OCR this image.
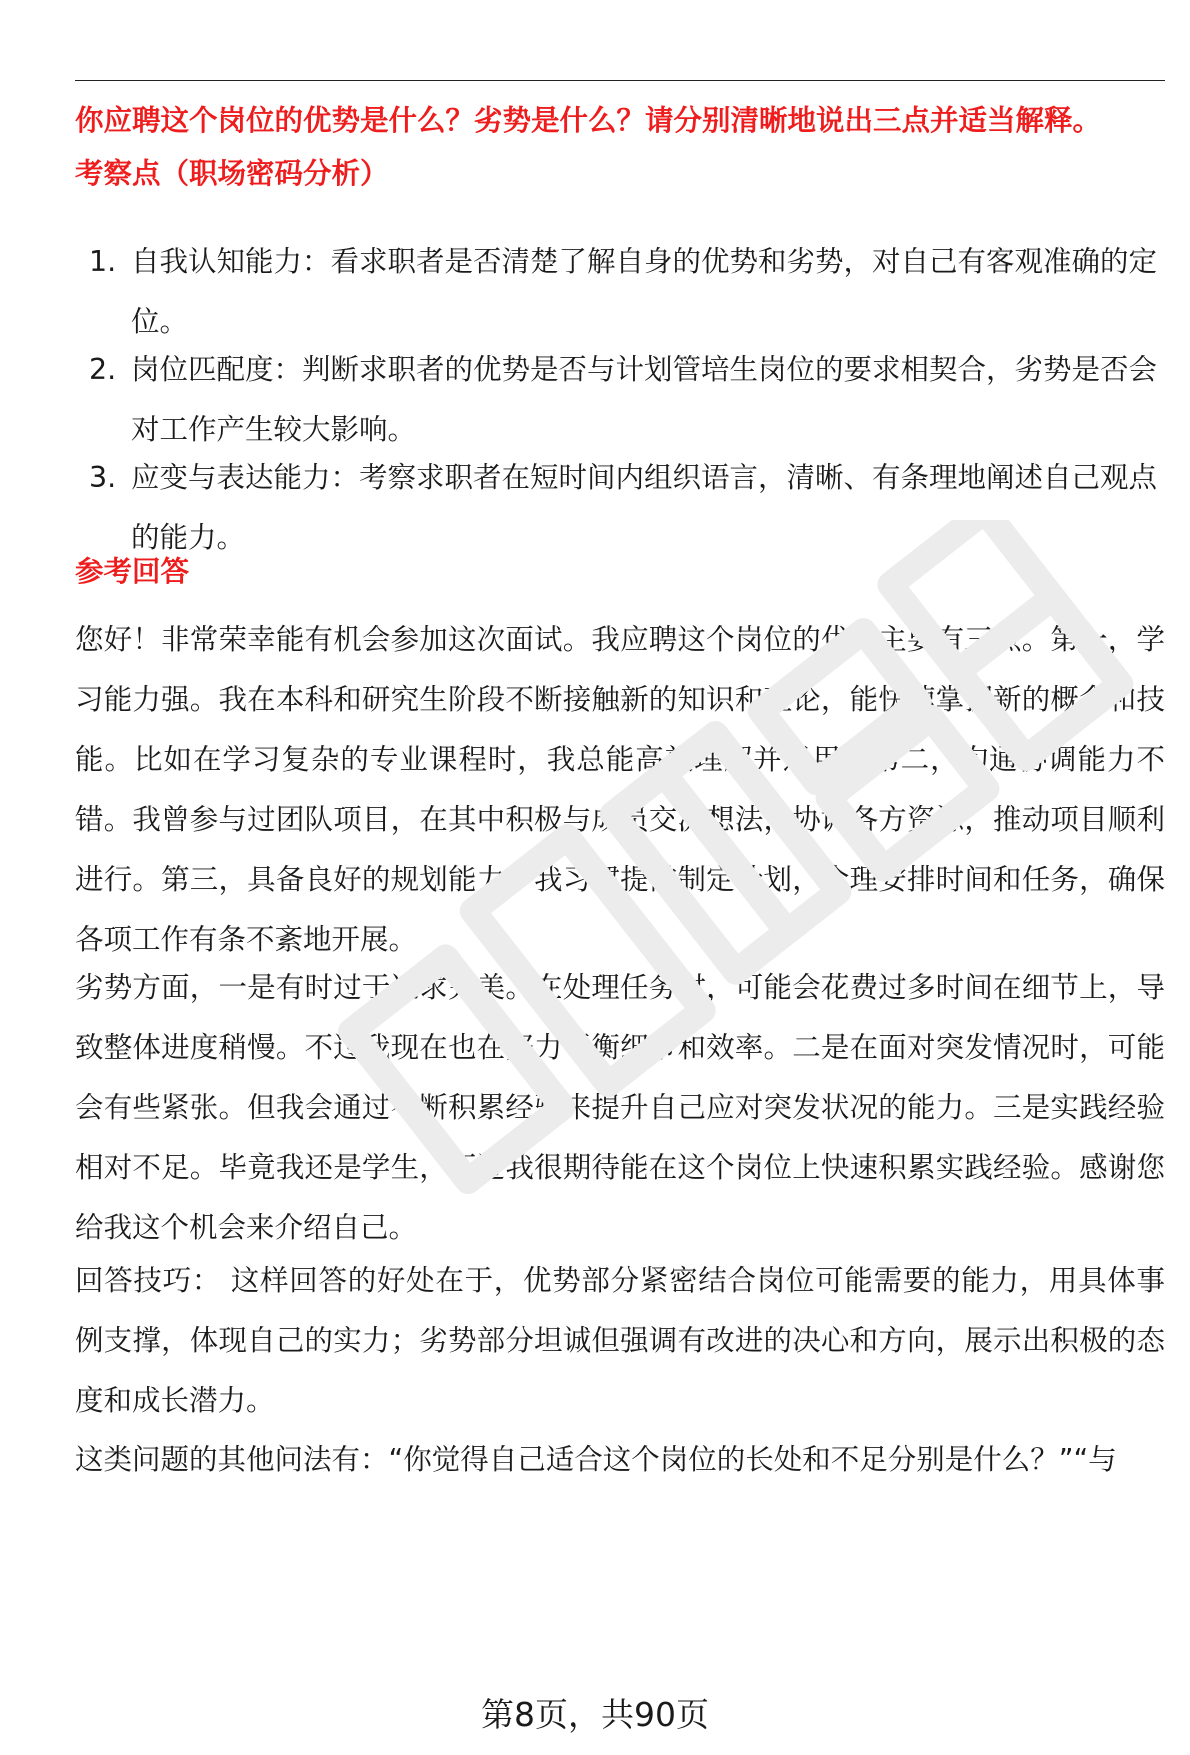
你应聘这个岗位的优势是什么？劣势是什么？请分别清晰地说出三点并适当解释。
考察点（职场密码分析）
1. 自我认知能力：看求职者是否清楚了解自身的优势和劣势，对自己有客观准确的定位。
2. 岗位匹配度：判断求职者的优势是否与计划管培生岗位的要求相契合，劣势是否会对工作产生较大影响。
3. 应变与表达能力：考察求职者在短时间内组织语言，清晰、有条理地阐述自己观点的能力。
参考回答

您好！非常荣幸能有机会参加这次面试。我应聘这个岗位的优势主要有三点。第一，学习能力强。我在本科和研究生阶段不断接触新的知识和理论，能快速掌握新的概念和技能。比如在学习复杂的专业课程时，我总能高效理解并运用。第二，沟通协调能力不错。我曾参与过团队项目，在其中积极与成员交流想法，协调各方资源，推动项目顺利进行。第三，具备良好的规划能力。我习惯提前制定计划，合理安排时间和任务，确保各项工作有条不紊地开展。

劣势方面，一是有时过于追求完美。在处理任务时，可能会花费过多时间在细节上，导致整体进度稍慢。不过我现在也在努力平衡细节和效率。二是在面对突发情况时，可能会有些紧张。但我会通过不断积累经验来提升自己应对突发状况的能力。三是实践经验相对不足。毕竟我还是学生，不过我很期待能在这个岗位上快速积累实践经验。感谢您给我这个机会来介绍自己。

回答技巧： 这样回答的好处在于，优势部分紧密结合岗位可能需要的能力，用具体事例支撑，体现自己的实力；劣势部分坦诚但强调有改进的决心和方向，展示出积极的态度和成长潜力。

这类问题的其他问法有：“你觉得自己适合这个岗位的长处和不足分别是什么？”“与

第8页，共90页
